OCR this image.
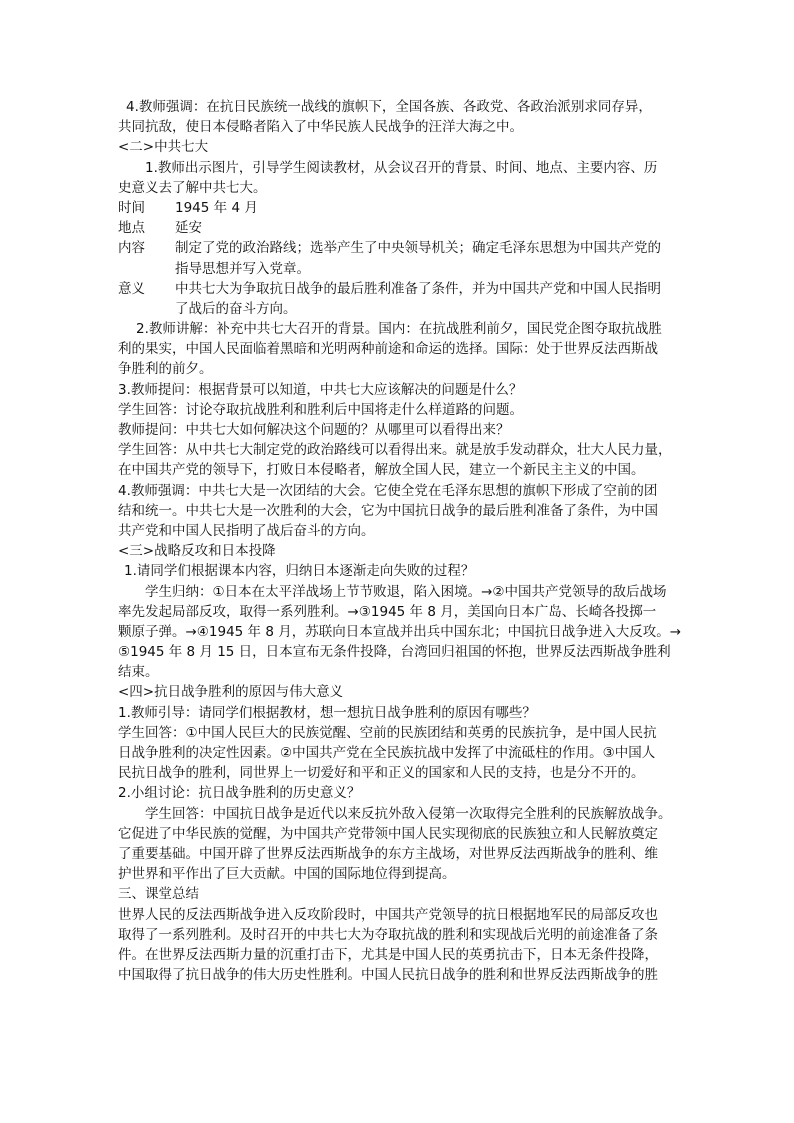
4.教师强调：在抗日民族统一战线的旗帜下，全国各族、各政党、各政治派别求同存异，
共同抗敌，使日本侵略者陷入了中华民族人民战争的汪洋大海之中。
<二>中共七大
1.教师出示图片，引导学生阅读教材，从会议召开的背景、时间、地点、主要内容、历
史意义去了解中共七大。
时间	1945 年 4 月
地点	延安
内容	制定了党的政治路线；选举产生了中央领导机关；确定毛泽东思想为中国共产党的
指导思想并写入党章。
意义	中共七大为争取抗日战争的最后胜利准备了条件，并为中国共产党和中国人民指明
了战后的奋斗方向。
2.教师讲解：补充中共七大召开的背景。国内：在抗战胜利前夕，国民党企图夺取抗战胜
利的果实，中国人民面临着黑暗和光明两种前途和命运的选择。国际：处于世界反法西斯战
争胜利的前夕。
3.教师提问：根据背景可以知道，中共七大应该解决的问题是什么？
学生回答：讨论夺取抗战胜利和胜利后中国将走什么样道路的问题。
教师提问：中共七大如何解决这个问题的？从哪里可以看得出来？
学生回答：从中共七大制定党的政治路线可以看得出来。就是放手发动群众，壮大人民力量，
在中国共产党的领导下，打败日本侵略者，解放全国人民，建立一个新民主主义的中国。
4.教师强调：中共七大是一次团结的大会。它使全党在毛泽东思想的旗帜下形成了空前的团
结和统一。中共七大是一次胜利的大会，它为中国抗日战争的最后胜利准备了条件，为中国
共产党和中国人民指明了战后奋斗的方向。
<三>战略反攻和日本投降
1.请同学们根据课本内容，归纳日本逐渐走向失败的过程？
学生归纳：①日本在太平洋战场上节节败退，陷入困境。→②中国共产党领导的敌后战场
率先发起局部反攻，取得一系列胜利。→③1945 年 8 月，美国向日本广岛、长崎各投掷一
颗原子弹。→④1945 年 8 月，苏联向日本宣战并出兵中国东北；中国抗日战争进入大反攻。→
⑤1945 年 8 月 15 日，日本宣布无条件投降，台湾回归祖国的怀抱，世界反法西斯战争胜利
结束。
<四>抗日战争胜利的原因与伟大意义
1.教师引导：请同学们根据教材，想一想抗日战争胜利的原因有哪些？
学生回答：①中国人民巨大的民族觉醒、空前的民族团结和英勇的民族抗争，是中国人民抗
日战争胜利的决定性因素。②中国共产党在全民族抗战中发挥了中流砥柱的作用。③中国人
民抗日战争的胜利，同世界上一切爱好和平和正义的国家和人民的支持，也是分不开的。
2.小组讨论：抗日战争胜利的历史意义？
学生回答：中国抗日战争是近代以来反抗外敌入侵第一次取得完全胜利的民族解放战争。
它促进了中华民族的觉醒，为中国共产党带领中国人民实现彻底的民族独立和人民解放奠定
了重要基础。中国开辟了世界反法西斯战争的东方主战场，对世界反法西斯战争的胜利、维
护世界和平作出了巨大贡献。中国的国际地位得到提高。
三、课堂总结
世界人民的反法西斯战争进入反攻阶段时，中国共产党领导的抗日根据地军民的局部反攻也
取得了一系列胜利。及时召开的中共七大为夺取抗战的胜利和实现战后光明的前途准备了条
件。在世界反法西斯力量的沉重打击下，尤其是中国人民的英勇抗击下，日本无条件投降，
中国取得了抗日战争的伟大历史性胜利。中国人民抗日战争的胜利和世界反法西斯战争的胜
